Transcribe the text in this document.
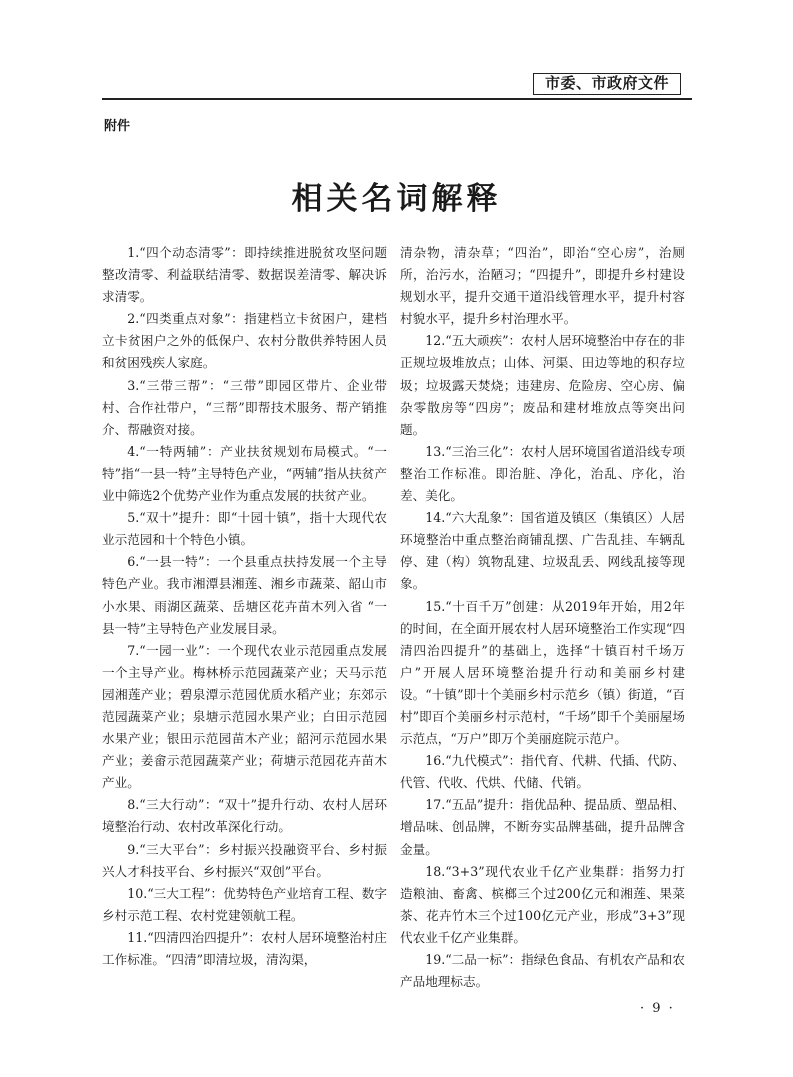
市委、市政府文件
附件
相关名词解释

1.“四个动态清零”：即持续推进脱贫攻坚问题整改清零、利益联结清零、数据误差清零、解决诉求清零。

2.“四类重点对象”：指建档立卡贫困户，建档立卡贫困户之外的低保户、农村分散供养特困人员和贫困残疾人家庭。

3.“三带三帮”：“三带”即园区带片、企业带村、合作社带户，“三帮”即帮技术服务、帮产销推介、帮融资对接。

4.“一特两辅”：产业扶贫规划布局模式。“一特”指“一县一特”主导特色产业，“两辅”指从扶贫产业中筛选2个优势产业作为重点发展的扶贫产业。

5.“双十”提升：即“十园十镇”，指十大现代农业示范园和十个特色小镇。

6.“一县一特”：一个县重点扶持发展一个主导特色产业。我市湘潭县湘莲、湘乡市蔬菜、韶山市小水果、雨湖区蔬菜、岳塘区花卉苗木列入省 “一县一特”主导特色产业发展目录。

7.“一园一业”：一个现代农业示范园重点发展一个主导产业。梅林桥示范园蔬菜产业；天马示范园湘莲产业；碧泉潭示范园优质水稻产业；东郊示范园蔬菜产业；泉塘示范园水果产业；白田示范园水果产业；银田示范园苗木产业；韶河示范园水果产业；姜畲示范园蔬菜产业；荷塘示范园花卉苗木产业。

8.“三大行动”：“双十”提升行动、农村人居环境整治行动、农村改革深化行动。

9.“三大平台”：乡村振兴投融资平台、乡村振兴人才科技平台、乡村振兴“双创”平台。

10.“三大工程”：优势特色产业培育工程、数字乡村示范工程、农村党建领航工程。

11.“四清四治四提升”：农村人居环境整治村庄工作标准。“四清”即清垃圾，清沟渠，

清杂物，清杂草；“四治”，即治“空心房”，治厕所，治污水，治陋习；“四提升”，即提升乡村建设规划水平，提升交通干道沿线管理水平，提升村容村貌水平，提升乡村治理水平。

12.“五大顽疾”：农村人居环境整治中存在的非正规垃圾堆放点；山体、河渠、田边等地的积存垃圾；垃圾露天焚烧；违建房、危险房、空心房、偏杂零散房等“四房”；废品和建材堆放点等突出问题。

13.“三治三化”：农村人居环境国省道沿线专项整治工作标准。即治脏、净化，治乱、序化，治差、美化。

14.“六大乱象”：国省道及镇区（集镇区）人居环境整治中重点整治商铺乱摆、广告乱挂、车辆乱停、建（构）筑物乱建、垃圾乱丢、网线乱接等现象。

15.“十百千万”创建：从2019年开始，用2年的时间，在全面开展农村人居环境整治工作实现“四清四治四提升”的基础上，选择“十镇百村千场万户”开展人居环境整治提升行动和美丽乡村建设。“十镇”即十个美丽乡村示范乡（镇）街道，“百村”即百个美丽乡村示范村，“千场”即千个美丽屋场示范点，“万户”即万个美丽庭院示范户。

16.“九代模式”：指代育、代耕、代插、代防、代管、代收、代烘、代储、代销。

17.“五品”提升：指优品种、提品质、塑品相、增品味、创品牌，不断夯实品牌基础，提升品牌含金量。

18.“3+3”现代农业千亿产业集群：指努力打造粮油、畜禽、槟榔三个过200亿元和湘莲、果菜茶、花卉竹木三个过100亿元产业，形成”3+3”现代农业千亿产业集群。

19.“二品一标”：指绿色食品、有机农产品和农产品地理标志。

· 9 ·
